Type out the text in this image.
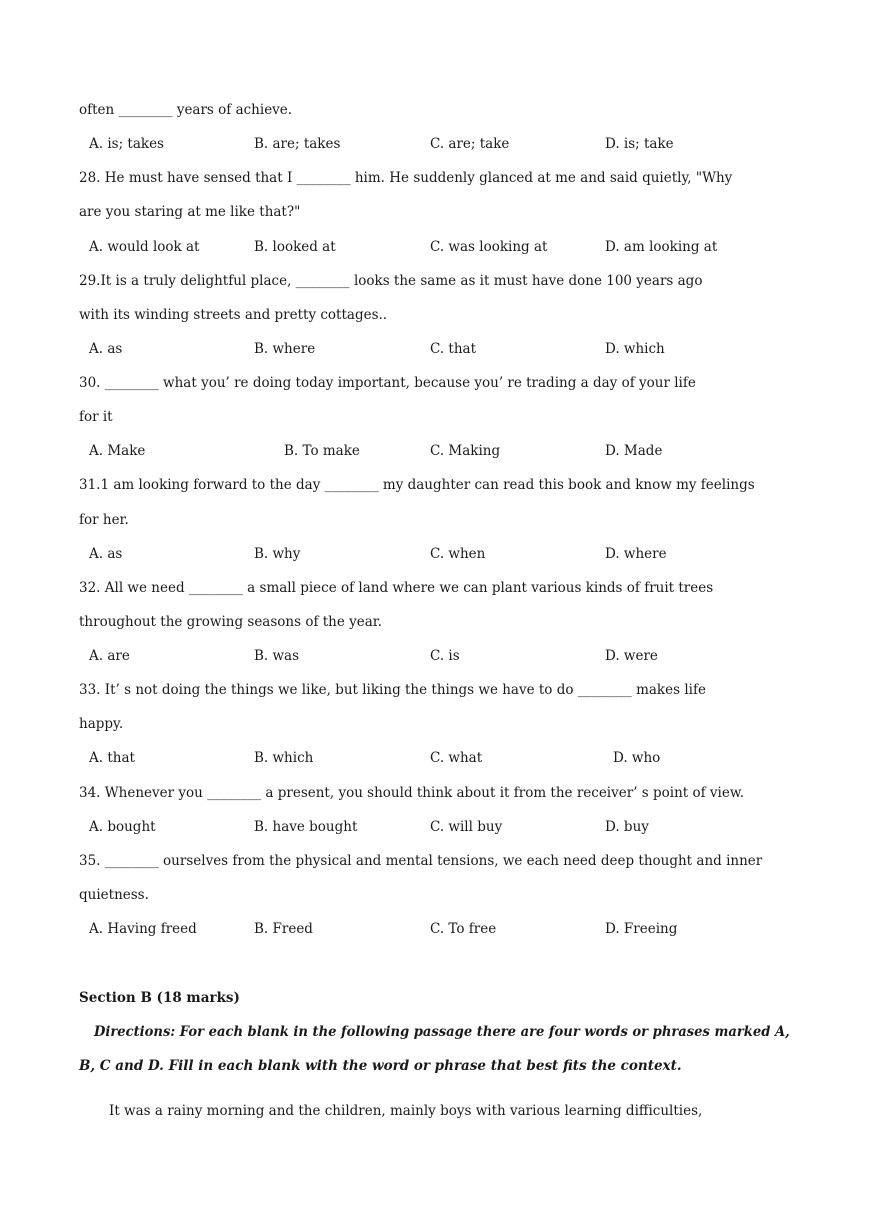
often ________ years of achieve.
A. is; takes	B. are; takes	C. are; take	D. is; take
28. He must have sensed that I ________ him. He suddenly glanced at me and said quietly, "Why
are you staring at me like that?"
A. would look at	B. looked at	C. was looking at	D. am looking at
29.It is a truly delightful place, ________ looks the same as it must have done 100 years ago
with its winding streets and pretty cottages..
A. as	B. where	C. that	D. which
30. ________ what you’ re doing today important, because you’ re trading a day of your life
for it
A. Make	B. To make	C. Making	D. Made
31.1 am looking forward to the day ________ my daughter can read this book and know my feelings
for her.
A. as	B. why	C. when	D. where
32. All we need ________ a small piece of land where we can plant various kinds of fruit trees
throughout the growing seasons of the year.
A. are	B. was	C. is	D. were
33. It’ s not doing the things we like, but liking the things we have to do ________ makes life
happy.
A. that	B. which	C. what	D. who
34. Whenever you ________ a present, you should think about it from the receiver’ s point of view.
A. bought	B. have bought	C. will buy	D. buy
35. ________ ourselves from the physical and mental tensions, we each need deep thought and inner
quietness.
A. Having freed	B. Freed	C. To free	D. Freeing
Section B (18 marks)
Directions: For each blank in the following passage there are four words or phrases marked A,
B, C and D. Fill in each blank with the word or phrase that best fits the context.
It was a rainy morning and the children, mainly boys with various learning difficulties,
